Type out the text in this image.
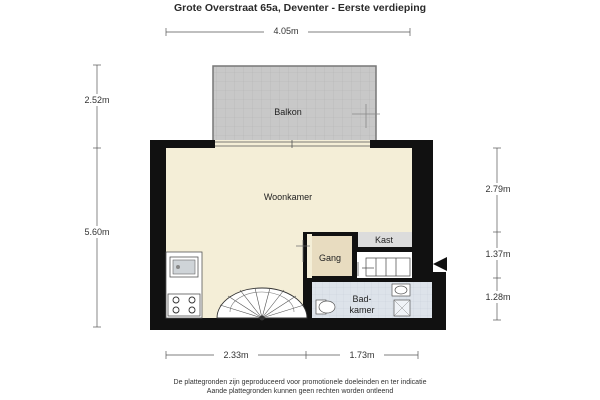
Grote Overstraat 65a, Deventer - Eerste verdieping
4.05m
2.52m
5.60m
2.79m
1.37m
1.28m
2.33m	1.73m
Balkon
Woonkamer
Kast
Gang
Bad-
kamer
De plattegronden zijn geproduceerd voor promotionele doeleinden en ter indicatie
Aande plattegronden kunnen geen rechten worden ontleend
